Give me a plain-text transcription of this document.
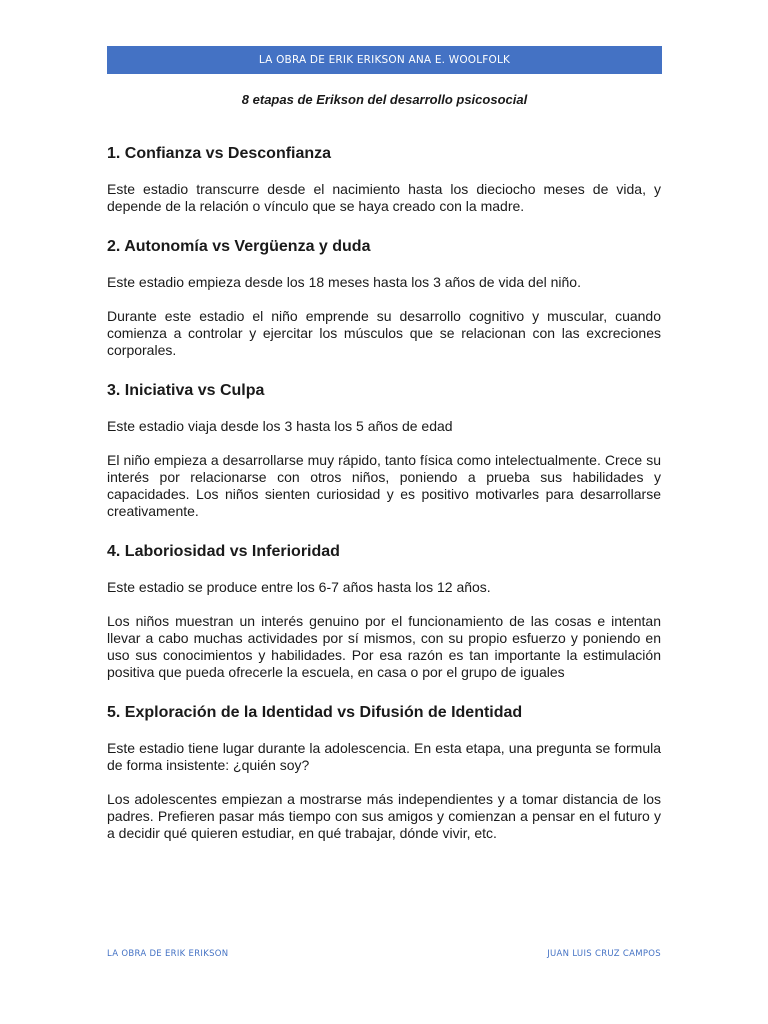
LA OBRA DE ERIK ERIKSON ANA E. WOOLFOLK
8 etapas de Erikson del desarrollo psicosocial
1. Confianza vs Desconfianza

Este estadio transcurre desde el nacimiento hasta los dieciocho meses de vida, y depende de la relación o vínculo que se haya creado con la madre.

2. Autonomía vs Vergüenza y duda

Este estadio empieza desde los 18 meses hasta los 3 años de vida del niño.

Durante este estadio el niño emprende su desarrollo cognitivo y muscular, cuando comienza a controlar y ejercitar los músculos que se relacionan con las excreciones corporales.

3. Iniciativa vs Culpa

Este estadio viaja desde los 3 hasta los 5 años de edad

El niño empieza a desarrollarse muy rápido, tanto física como intelectualmente. Crece su interés por relacionarse con otros niños, poniendo a prueba sus habilidades y capacidades. Los niños sienten curiosidad y es positivo motivarles para desarrollarse creativamente.

4. Laboriosidad vs Inferioridad

Este estadio se produce entre los 6-7 años hasta los 12 años.

Los niños muestran un interés genuino por el funcionamiento de las cosas e intentan llevar a cabo muchas actividades por sí mismos, con su propio esfuerzo y poniendo en uso sus conocimientos y habilidades. Por esa razón es tan importante la estimulación positiva que pueda ofrecerle la escuela, en casa o por el grupo de iguales

5. Exploración de la Identidad vs Difusión de Identidad

Este estadio tiene lugar durante la adolescencia. En esta etapa, una pregunta se formula de forma insistente: ¿quién soy?

Los adolescentes empiezan a mostrarse más independientes y a tomar distancia de los padres. Prefieren pasar más tiempo con sus amigos y comienzan a pensar en el futuro y a decidir qué quieren estudiar, en qué trabajar, dónde vivir, etc.

LA OBRA DE ERIK ERIKSON	JUAN LUIS CRUZ CAMPOS
